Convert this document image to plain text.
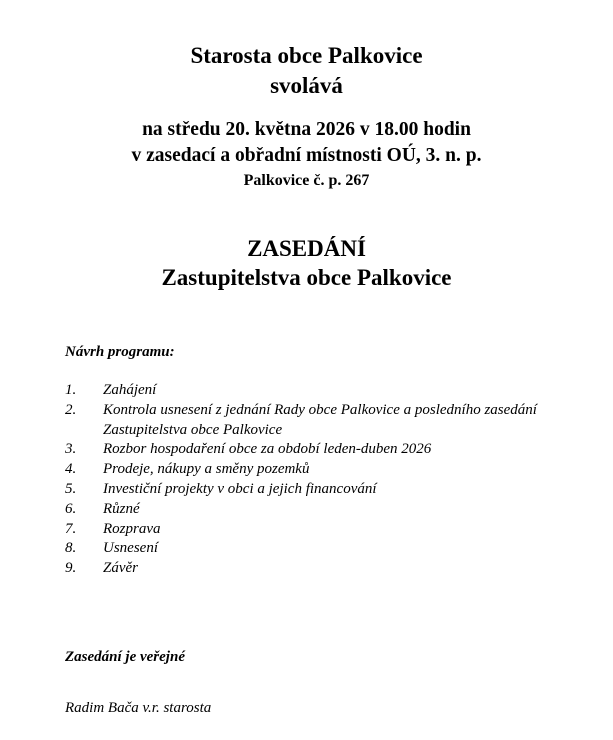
Starosta obce Palkovice
svolává
na středu 20. května 2026 v 18.00 hodin
v zasedací a obřadní místnosti OÚ, 3. n. p.
Palkovice č. p. 267
ZASEDÁNÍ
Zastupitelstva obce Palkovice
Návrh programu:
1. Zahájení
2. Kontrola usnesení z jednání Rady obce Palkovice a posledního zasedání Zastupitelstva obce Palkovice
3. Rozbor hospodaření obce za období leden-duben 2026
4. Prodeje, nákupy a směny pozemků
5. Investiční projekty v obci a jejich financování
6. Různé
7. Rozprava
8. Usnesení
9. Závěr
Zasedání je veřejné
Radim Bača v.r. starosta
